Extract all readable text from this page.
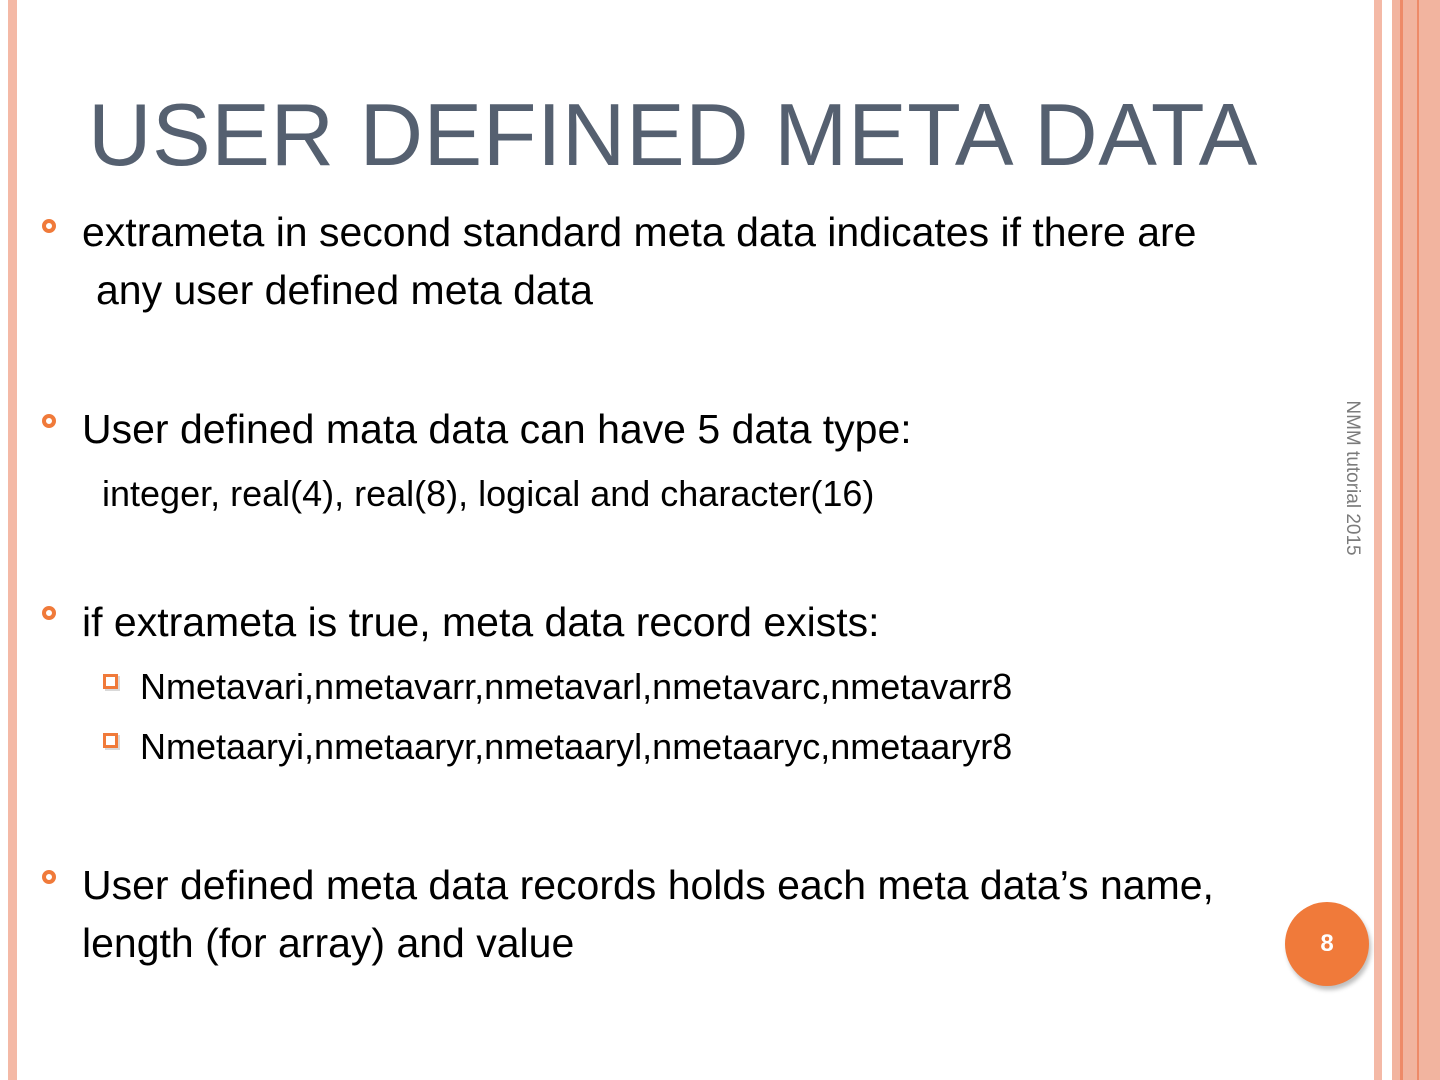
USER DEFINED META DATA
extrameta in second standard meta data indicates if there are
any user defined meta data
User defined mata data can have 5 data type:
integer, real(4), real(8), logical and character(16)
if extrameta is true, meta data record exists:
Nmetavari,nmetavarr,nmetavarl,nmetavarc,nmetavarr8
Nmetaaryi,nmetaaryr,nmetaaryl,nmetaaryc,nmetaaryr8
User defined meta data records holds each meta data’s name,
length (for array) and value
NMM tutorial 2015
8
